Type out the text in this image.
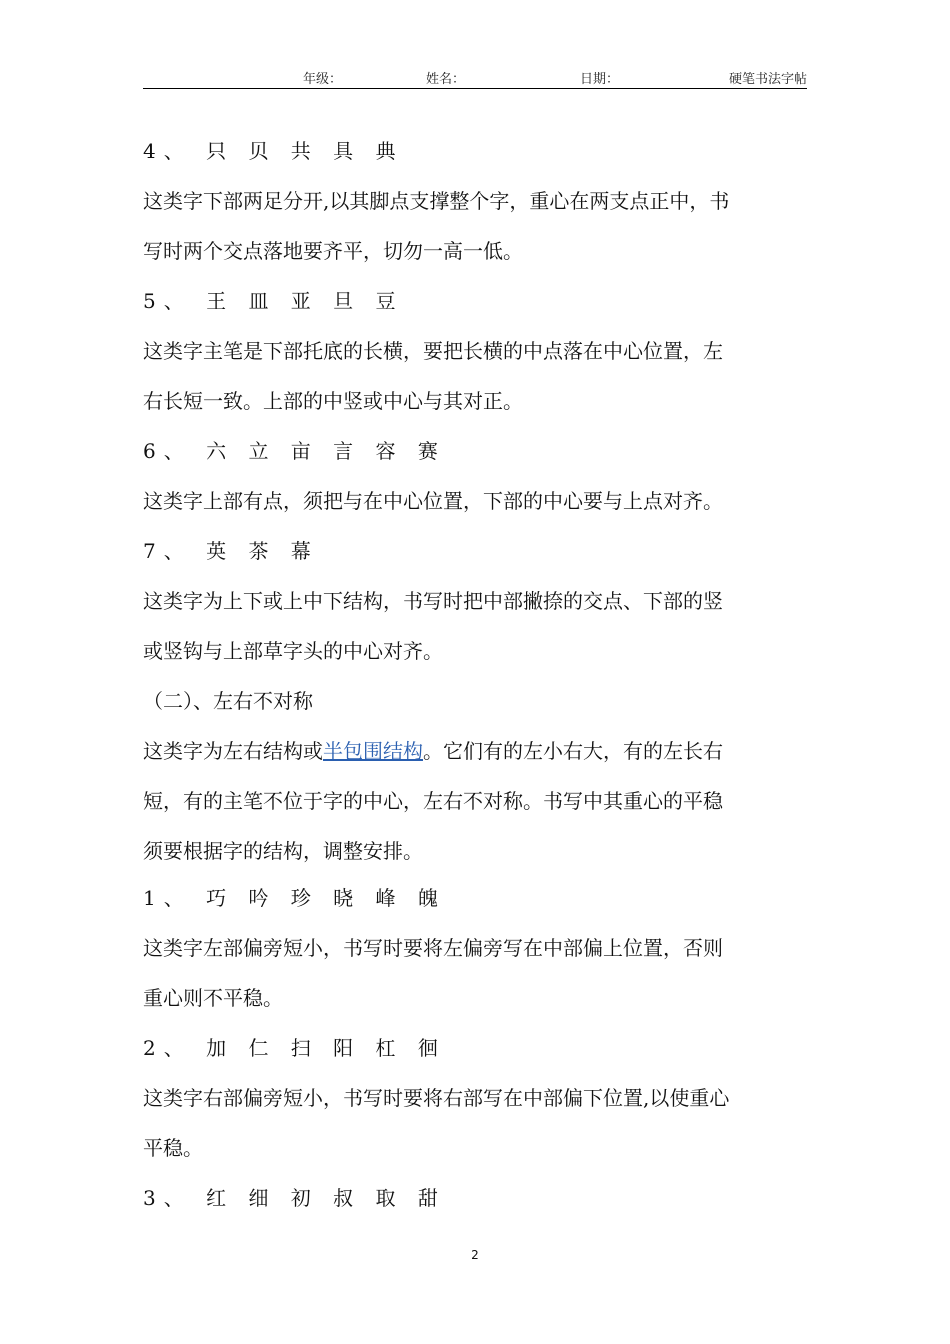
年级：	姓名：	日期：	硬笔书法字帖
4、 只 贝 共 具 典
这类字下部两足分开,以其脚点支撑整个字，重心在两支点正中，书
写时两个交点落地要齐平，切勿一高一低。
5、 王 皿 亚 旦 豆
这类字主笔是下部托底的长横，要把长横的中点落在中心位置，左
右长短一致。上部的中竖或中心与其对正。
6、 六 立 亩 言 容 赛
这类字上部有点，须把与在中心位置，下部的中心要与上点对齐。
7、 英 茶 幕
这类字为上下或上中下结构，书写时把中部撇捺的交点、下部的竖
或竖钩与上部草字头的中心对齐。
（二）、左右不对称
这类字为左右结构或半包围结构。它们有的左小右大，有的左长右
短，有的主笔不位于字的中心，左右不对称。书写中其重心的平稳
须要根据字的结构，调整安排。
1、 巧 吟 珍 晓 峰 魄
这类字左部偏旁短小，书写时要将左偏旁写在中部偏上位置，否则
重心则不平稳。
2、 加 仁 扫 阳 杠 徊
这类字右部偏旁短小，书写时要将右部写在中部偏下位置,以使重心
平稳。
3、 红 细 初 叔 取 甜
2
